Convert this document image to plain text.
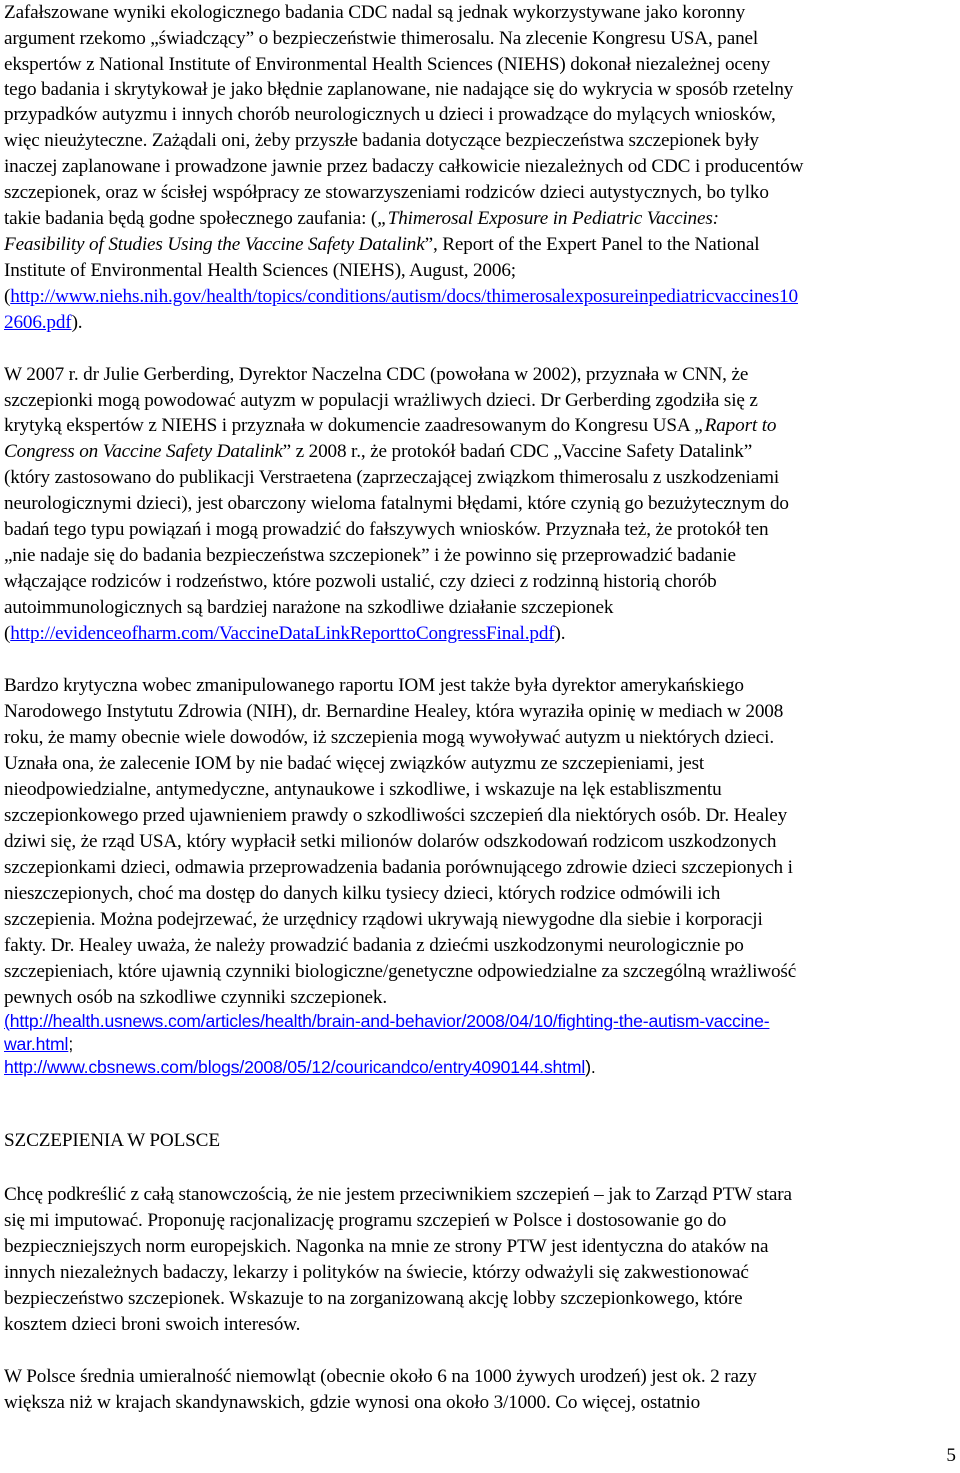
Zafałszowane wyniki ekologicznego badania CDC nadal są jednak wykorzystywane jako koronny
argument rzekomo „świadczący” o bezpieczeństwie thimerosalu. Na zlecenie Kongresu USA, panel
ekspertów z National Institute of Environmental Health Sciences (NIEHS) dokonał niezależnej oceny
tego badania i skrytykował je jako błędnie zaplanowane, nie nadające się do wykrycia w sposób rzetelny
przypadków autyzmu i innych chorób neurologicznych u dzieci i prowadzące do mylących wniosków,
więc nieużyteczne. Zażądali oni, żeby przyszłe badania dotyczące bezpieczeństwa szczepionek były
inaczej zaplanowane i prowadzone jawnie przez badaczy całkowicie niezależnych od CDC i producentów
szczepionek, oraz w ścisłej współpracy ze stowarzyszeniami rodziców dzieci autystycznych, bo tylko
takie badania będą godne społecznego zaufania: („Thimerosal Exposure in Pediatric Vaccines:
Feasibility of Studies Using the Vaccine Safety Datalink”, Report of the Expert Panel to the National
Institute of Environmental Health Sciences (NIEHS), August, 2006;
(http://www.niehs.nih.gov/health/topics/conditions/autism/docs/thimerosalexposureinpediatricvaccines10
2606.pdf).
W 2007 r. dr Julie Gerberding, Dyrektor Naczelna CDC (powołana w 2002), przyznała w CNN, że
szczepionki mogą powodować autyzm w populacji wrażliwych dzieci. Dr Gerberding zgodziła się z
krytyką ekspertów z NIEHS i przyznała w dokumencie zaadresowanym do Kongresu USA „Raport to
Congress on Vaccine Safety Datalink” z 2008 r., że protokół badań CDC „Vaccine Safety Datalink”
(który zastosowano do publikacji Verstraetena (zaprzeczającej związkom thimerosalu z uszkodzeniami
neurologicznymi dzieci), jest obarczony wieloma fatalnymi błędami, które czynią go bezużytecznym do
badań tego typu powiązań i mogą prowadzić do fałszywych wniosków. Przyznała też, że protokół ten
„nie nadaje się do badania bezpieczeństwa szczepionek” i że powinno się przeprowadzić badanie
włączające rodziców i rodzeństwo, które pozwoli ustalić, czy dzieci z rodzinną historią chorób
autoimmunologicznych są bardziej narażone na szkodliwe działanie szczepionek
(http://evidenceofharm.com/VaccineDataLinkReporttoCongressFinal.pdf).
Bardzo krytyczna wobec zmanipulowanego raportu IOM jest także była dyrektor amerykańskiego
Narodowego Instytutu Zdrowia (NIH), dr. Bernardine Healey, która wyraziła opinię w mediach w 2008
roku, że mamy obecnie wiele dowodów, iż szczepienia mogą wywoływać autyzm u niektórych dzieci.
Uznała ona, że zalecenie IOM by nie badać więcej związków autyzmu ze szczepieniami, jest
nieodpowiedzialne, antymedyczne, antynaukowe i szkodliwe, i wskazuje na lęk establiszmentu
szczepionkowego przed ujawnieniem prawdy o szkodliwości szczepień dla niektórych osób. Dr. Healey
dziwi się, że rząd USA, który wypłacił setki milionów dolarów odszkodowań rodzicom uszkodzonych
szczepionkami dzieci, odmawia przeprowadzenia badania porównującego zdrowie dzieci szczepionych i
nieszczepionych, choć ma dostęp do danych kilku tysiecy dzieci, których rodzice odmówili ich
szczepienia. Można podejrzewać, że urzędnicy rządowi ukrywają niewygodne dla siebie i korporacji
fakty. Dr. Healey uważa, że należy prowadzić badania z dziećmi uszkodzonymi neurologicznie po
szczepieniach, które ujawnią czynniki biologiczne/genetyczne odpowiedzialne za szczególną wrażliwość
pewnych osób na szkodliwe czynniki szczepionek.
(http://health.usnews.com/articles/health/brain-and-behavior/2008/04/10/fighting-the-autism-vaccine-
war.html;
http://www.cbsnews.com/blogs/2008/05/12/couricandco/entry4090144.shtml).
SZCZEPIENIA W POLSCE
Chcę podkreślić z całą stanowczością, że nie jestem przeciwnikiem szczepień – jak to Zarząd PTW stara
się mi imputować. Proponuję racjonalizację programu szczepień w Polsce i dostosowanie go do
bezpieczniejszych norm europejskich. Nagonka na mnie ze strony PTW jest identyczna do ataków na
innych niezależnych badaczy, lekarzy i polityków na świecie, którzy odważyli się zakwestionować
bezpieczeństwo szczepionek. Wskazuje to na zorganizowaną akcję lobby szczepionkowego, które
kosztem dzieci broni swoich interesów.
W Polsce średnia umieralność niemowląt (obecnie około 6 na 1000 żywych urodzeń) jest ok. 2 razy
większa niż w krajach skandynawskich, gdzie wynosi ona około 3/1000. Co więcej, ostatnio
5
